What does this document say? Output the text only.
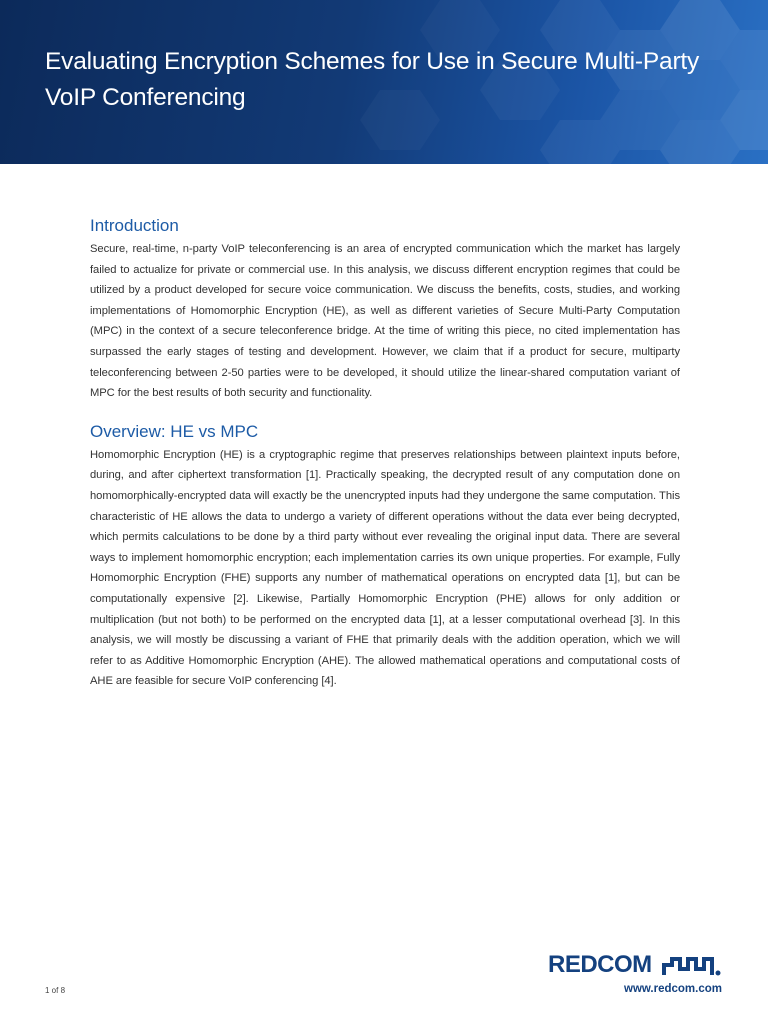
Evaluating Encryption Schemes for Use in Secure Multi-Party VoIP Conferencing
Introduction

Secure, real-time, n-party VoIP teleconferencing is an area of encrypted communication which the market has largely failed to actualize for private or commercial use. In this analysis, we discuss different encryption regimes that could be utilized by a product developed for secure voice communication. We discuss the benefits, costs, studies, and working implementations of Homomorphic Encryption (HE), as well as different varieties of Secure Multi-Party Computation (MPC) in the context of a secure teleconference bridge. At the time of writing this piece, no cited implementation has surpassed the early stages of testing and development. However, we claim that if a product for secure, multiparty teleconferencing between 2-50 parties were to be developed, it should utilize the linear-shared computation variant of MPC for the best results of both security and functionality.

Overview: HE vs MPC

Homomorphic Encryption (HE) is a cryptographic regime that preserves relationships between plaintext inputs before, during, and after ciphertext transformation [1]. Practically speaking, the decrypted result of any computation done on homomorphically-encrypted data will exactly be the unencrypted inputs had they undergone the same computation. This characteristic of HE allows the data to undergo a variety of different operations without the data ever being decrypted, which permits calculations to be done by a third party without ever revealing the original input data. There are several ways to implement homomorphic encryption; each implementation carries its own unique properties. For example, Fully Homomorphic Encryption (FHE) supports any number of mathematical operations on encrypted data [1], but can be computationally expensive [2]. Likewise, Partially Homomorphic Encryption (PHE) allows for only addition or multiplication (but not both) to be performed on the encrypted data [1], at a lesser computational overhead [3]. In this analysis, we will mostly be discussing a variant of FHE that primarily deals with the addition operation, which we will refer to as Additive Homomorphic Encryption (AHE). The allowed mathematical operations and computational costs of AHE are feasible for secure VoIP conferencing [4].

1 of 8
REDCOM
www.redcom.com
